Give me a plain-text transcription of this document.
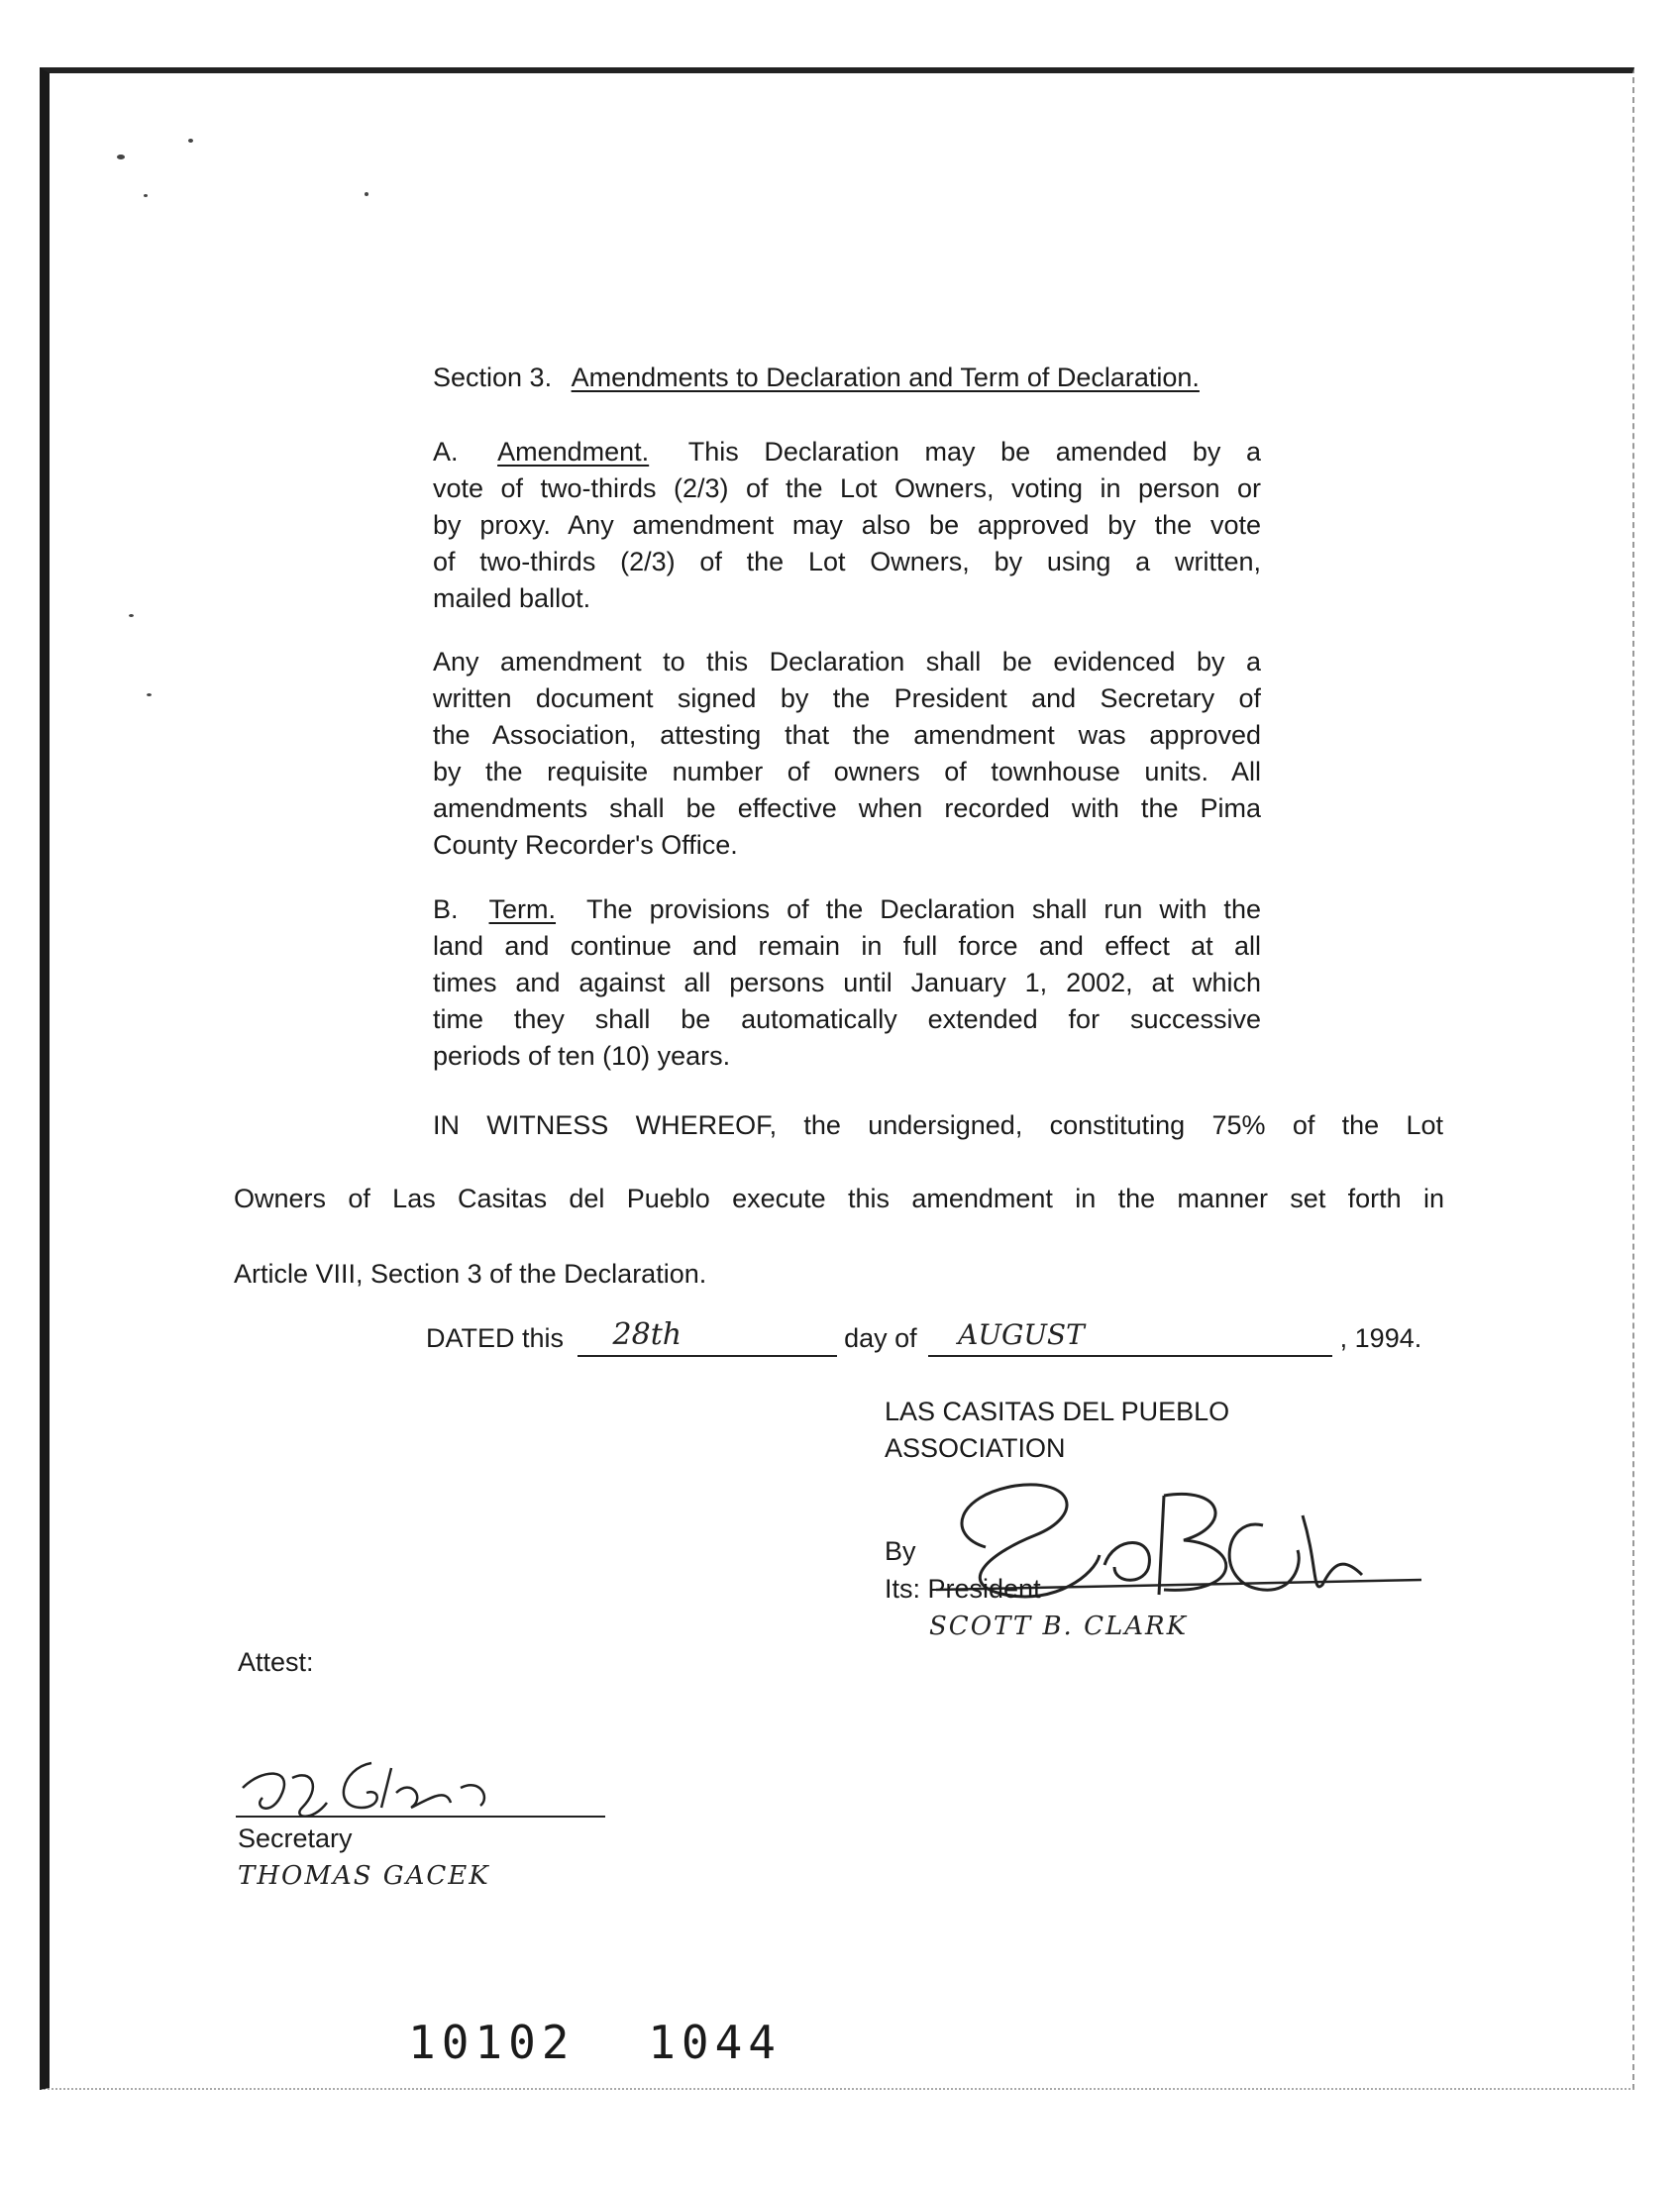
Section 3. Amendments to Declaration and Term of Declaration.
A. Amendment. This Declaration may be amended by a
vote of two-thirds (2/3) of the Lot Owners, voting in person or
by proxy. Any amendment may also be approved by the vote
of two-thirds (2/3) of the Lot Owners, by using a written,
mailed ballot.
Any amendment to this Declaration shall be evidenced by a
written document signed by the President and Secretary of
the Association, attesting that the amendment was approved
by the requisite number of owners of townhouse units. All
amendments shall be effective when recorded with the Pima
County Recorder's Office.
B. Term. The provisions of the Declaration shall run with the
land and continue and remain in full force and effect at all
times and against all persons until January 1, 2002, at which
time they shall be automatically extended for successive
periods of ten (10) years.
IN WITNESS WHEREOF, the undersigned, constituting 75% of the Lot
Owners of Las Casitas del Pueblo execute this amendment in the manner set forth in
Article VIII, Section 3 of the Declaration.
DATED this	28th	day of	AUGUST	, 1994.
LAS CASITAS DEL PUEBLO
ASSOCIATION
By
Its: President
SCOTT B. CLARK
Attest:
Secretary
THOMAS GACEK
10102 1044
